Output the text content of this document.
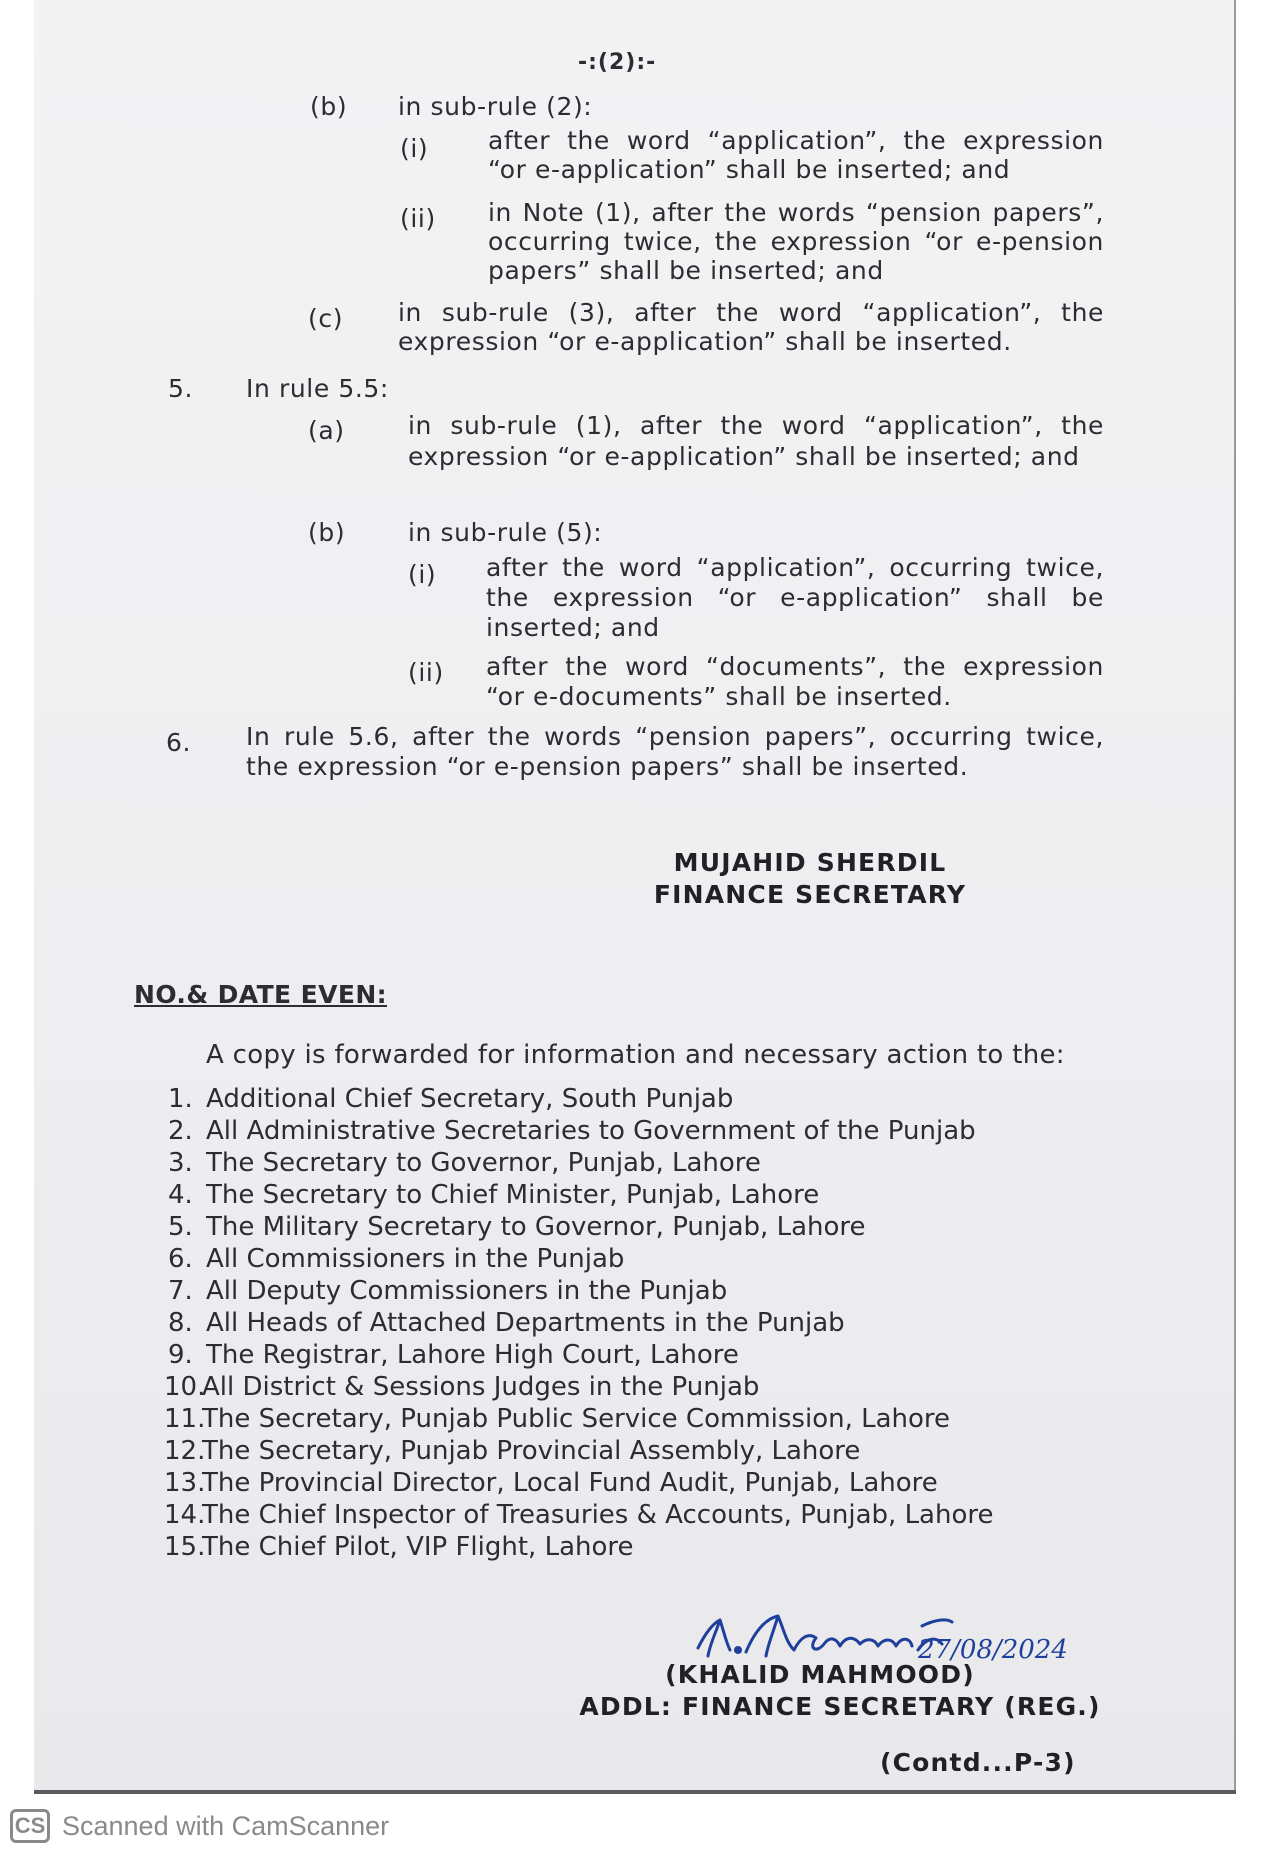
-:(2):-
(b) in sub-rule (2):
(i) after the word “application”, the expression “or e-application” shall be inserted; and
(ii) in Note (1), after the words “pension papers”, occurring twice, the expression “or e-pension papers” shall be inserted; and
(c) in sub-rule (3), after the word “application”, the expression “or e-application” shall be inserted.
5. In rule 5.5:
(a)	in sub-rule (1), after the word “application”, the expression “or e-application” shall be inserted; and
(b)	in sub-rule (5):
(i) after the word “application”, occurring twice, the expression “or e-application” shall be inserted; and
(ii) after the word “documents”, the expression “or e-documents” shall be inserted.
6. In rule 5.6, after the words “pension papers”, occurring twice, the expression “or e-pension papers” shall be inserted.
MUJAHID SHERDIL
FINANCE SECRETARY
NO.& DATE EVEN:
A copy is forwarded for information and necessary action to the:
1. Additional Chief Secretary, South Punjab
2. All Administrative Secretaries to Government of the Punjab
3. The Secretary to Governor, Punjab, Lahore
4. The Secretary to Chief Minister, Punjab, Lahore
5. The Military Secretary to Governor, Punjab, Lahore
6. All Commissioners in the Punjab
7. All Deputy Commissioners in the Punjab
8. All Heads of Attached Departments in the Punjab
9. The Registrar, Lahore High Court, Lahore
10.
All District & Sessions Judges in the Punjab
11.
The Secretary, Punjab Public Service Commission, Lahore
12.
The Secretary, Punjab Provincial Assembly, Lahore
13.
The Provincial Director, Local Fund Audit, Punjab, Lahore
14.
The Chief Inspector of Treasuries & Accounts, Punjab, Lahore
15.
The Chief Pilot, VIP Flight, Lahore
27/08/2024
(KHALID MAHMOOD)
ADDL: FINANCE SECRETARY (REG.)
(Contd...P-3)
CS Scanned with CamScanner
